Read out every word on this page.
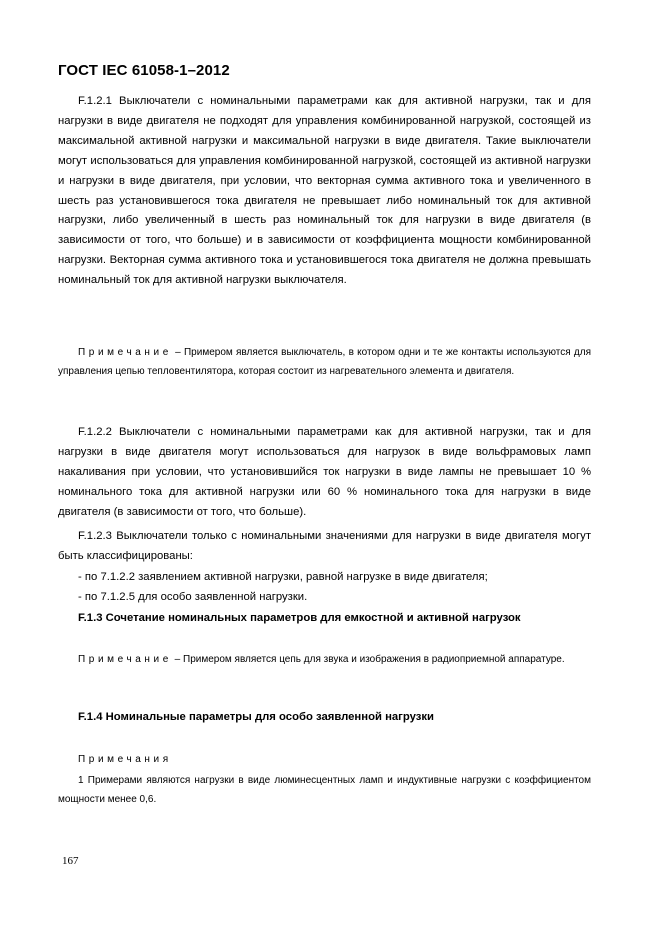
ГОСТ IEC 61058-1–2012

F.1.2.1 Выключатели с номинальными параметрами как для активной нагрузки, так и для нагрузки в виде двигателя не подходят для управления комбинированной нагрузкой, состоящей из максимальной активной нагрузки и максимальной нагрузки в виде двигателя. Такие выключатели могут использоваться для управления комбинированной нагрузкой, состоящей из активной нагрузки и нагрузки в виде двигателя, при условии, что векторная сумма активного тока и увеличенного в шесть раз установившегося тока двигателя не превышает либо номинальный ток для активной нагрузки, либо увеличенный в шесть раз номинальный ток для нагрузки в виде двигателя (в зависимости от того, что больше) и в зависимости от коэффициента мощности комбинированной нагрузки. Векторная сумма активного тока и установившегося тока двигателя не должна превышать номинальный ток для активной нагрузки выключателя.

Примечание – Примером является выключатель, в котором одни и те же контакты используются для управления цепью тепловентилятора, которая состоит из нагревательного элемента и двигателя.

F.1.2.2 Выключатели с номинальными параметрами как для активной нагрузки, так и для нагрузки в виде двигателя могут использоваться для нагрузок в виде вольфрамовых ламп накаливания при условии, что установившийся ток нагрузки в виде лампы не превышает 10 % номинального тока для активной нагрузки или 60 % номинального тока для нагрузки в виде двигателя (в зависимости от того, что больше).

F.1.2.3 Выключатели только с номинальными значениями для нагрузки в виде двигателя могут быть классифицированы:

- по 7.1.2.2 заявлением активной нагрузки, равной нагрузке в виде двигателя;

- по 7.1.2.5 для особо заявленной нагрузки.

F.1.3 Сочетание номинальных параметров для емкостной и активной нагрузок

Примечание – Примером является цепь для звука и изображения в радиоприемной аппаратуре.

F.1.4 Номинальные параметры для особо заявленной нагрузки

Примечания

1 Примерами являются нагрузки в виде люминесцентных ламп и индуктивные нагрузки с коэффициентом мощности менее 0,6.

167
